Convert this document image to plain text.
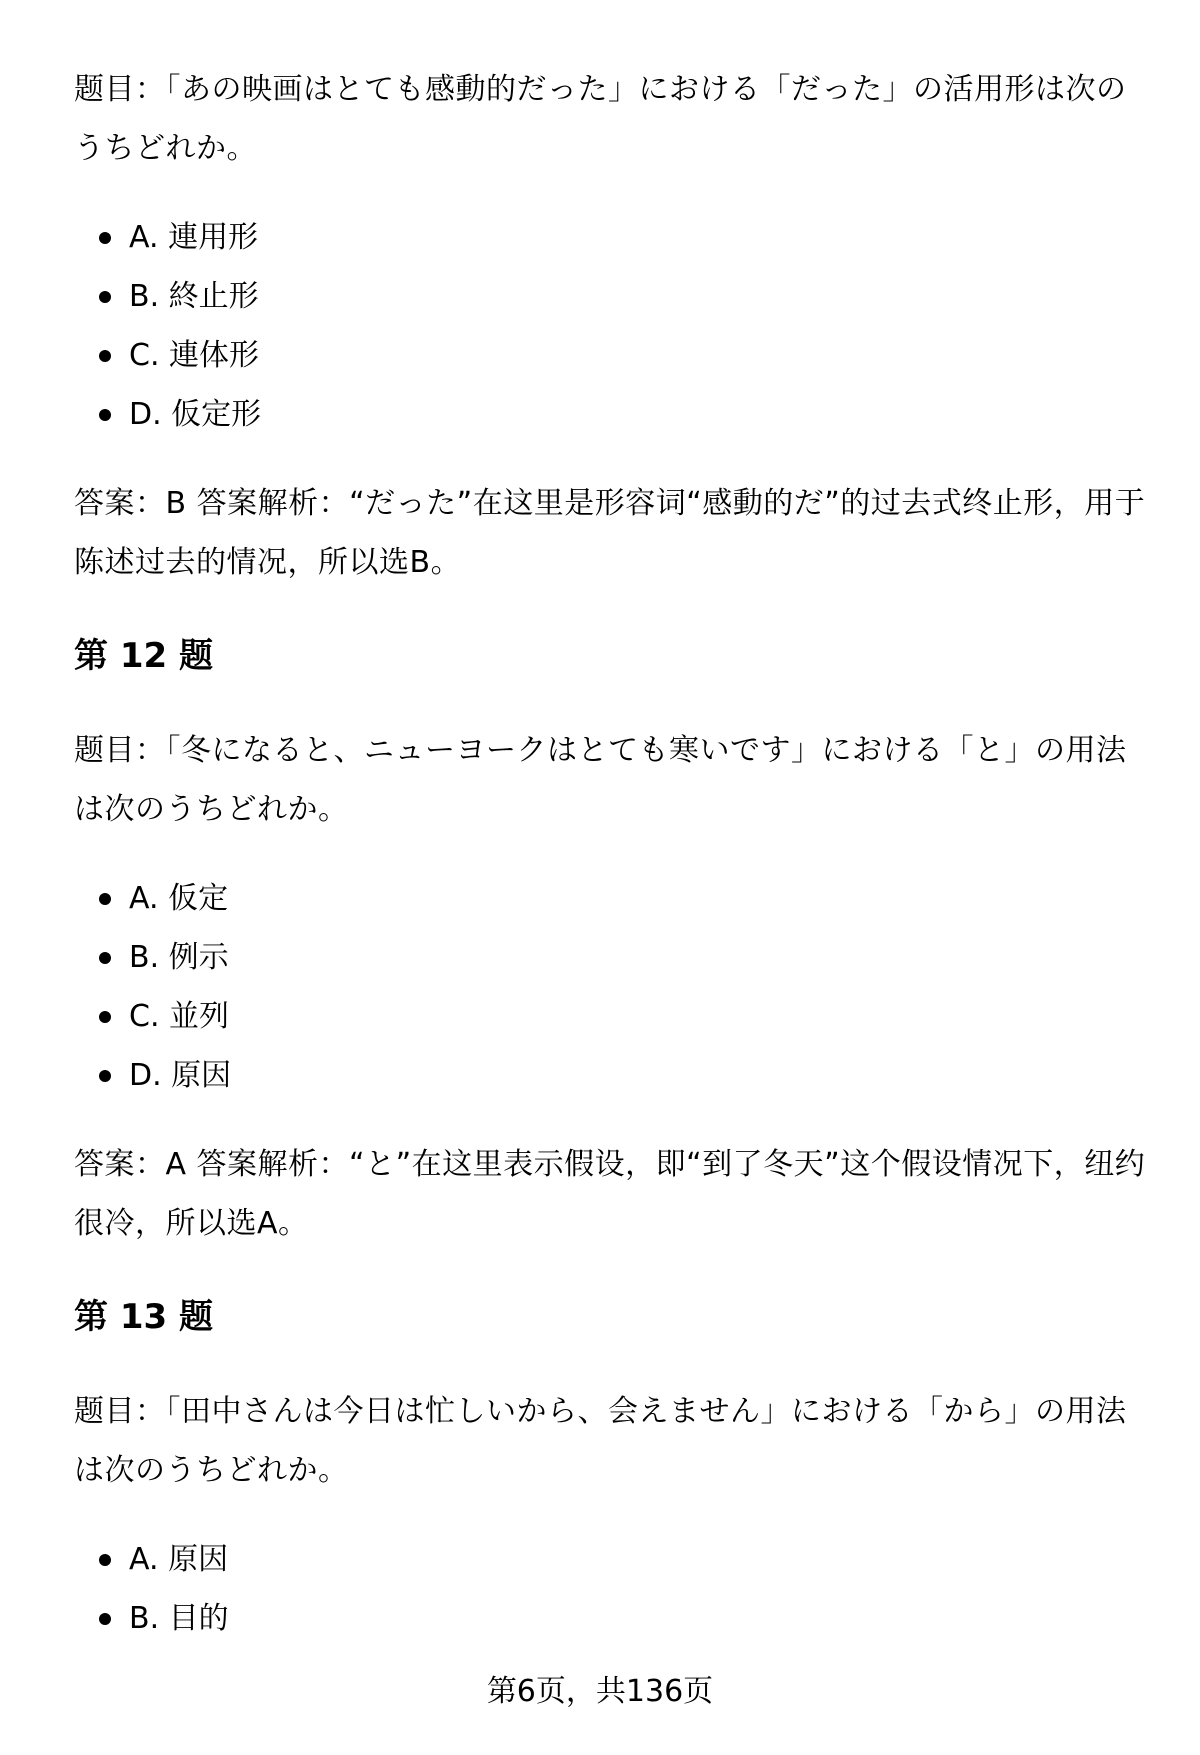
题目：「あの映画はとても感動的だった」における「だった」の活用形は次のうちどれか。

A. 連用形
B. 終止形
C. 連体形
D. 仮定形

答案：B 答案解析：“だった”在这里是形容词“感動的だ”的过去式终止形，用于陈述过去的情况，所以选B。

第 12 题

题目：「冬になると、ニューヨークはとても寒いです」における「と」の用法は次のうちどれか。

A. 仮定
B. 例示
C. 並列
D. 原因

答案：A 答案解析：“と”在这里表示假设，即“到了冬天”这个假设情况下，纽约很冷，所以选A。

第 13 题

题目：「田中さんは今日は忙しいから、会えません」における「から」の用法は次のうちどれか。

A. 原因
B. 目的
第6页，共136页
